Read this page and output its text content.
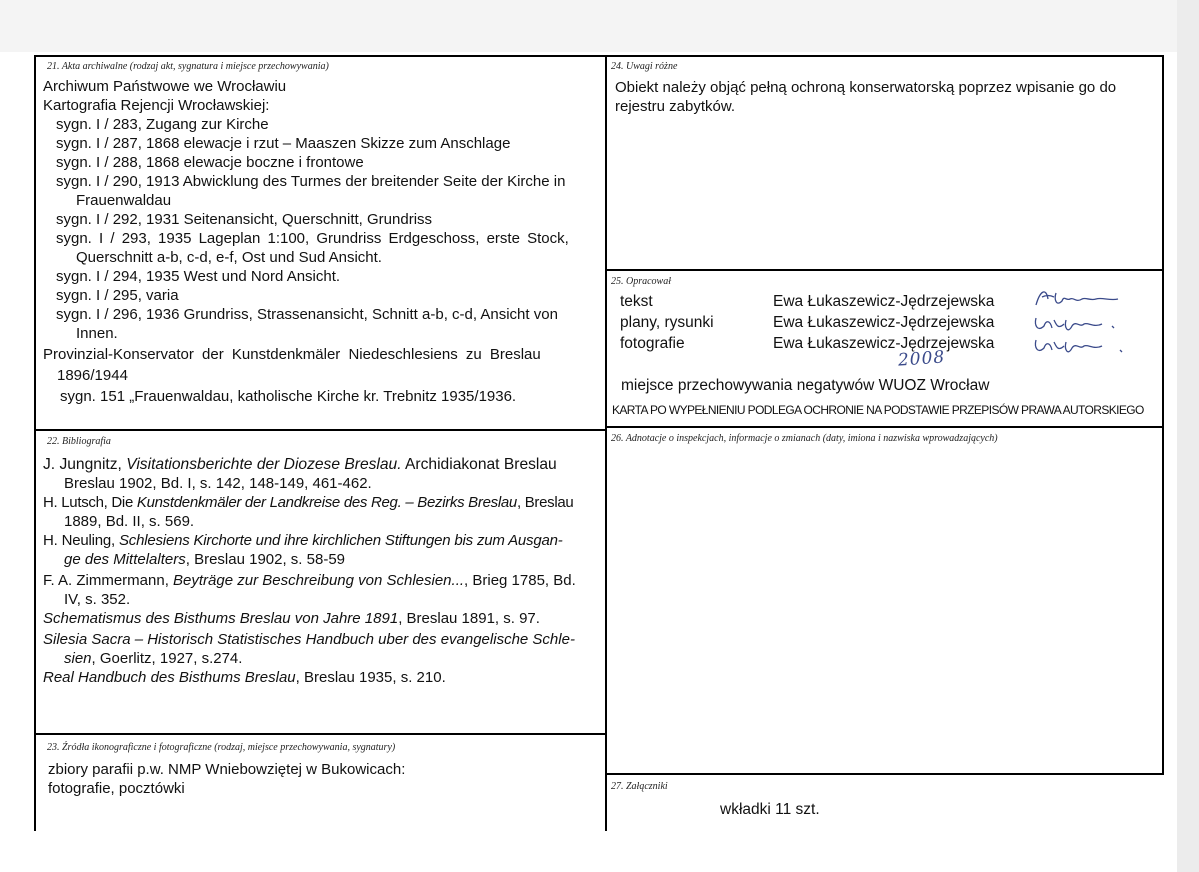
21. Akta archiwalne (rodzaj akt, sygnatura i miejsce przechowywania)
Archiwum Państwowe we Wrocławiu
Kartografia Rejencji Wrocławskiej:
sygn. I / 283, Zugang zur Kirche
sygn. I / 287, 1868 elewacje i rzut – Maaszen Skizze zum Anschlage
sygn. I / 288, 1868 elewacje boczne i frontowe
sygn. I / 290, 1913 Abwicklung des Turmes der breitender Seite der Kirche in
Frauenwaldau
sygn. I / 292, 1931 Seitenansicht, Querschnitt, Grundriss
sygn. I / 293, 1935 Lageplan 1:100, Grundriss Erdgeschoss, erste Stock,
Querschnitt a-b, c-d, e-f, Ost und Sud Ansicht.
sygn. I / 294, 1935 West und Nord Ansicht.
sygn. I / 295, varia
sygn. I / 296, 1936 Grundriss, Strassenansicht, Schnitt a-b, c-d, Ansicht von
Innen.
Provinzial-Konservator der Kunstdenkmäler Niedeschlesiens zu Breslau
1896/1944
sygn. 151 „Frauenwaldau, katholische Kirche kr. Trebnitz 1935/1936.
22. Bibliografia
J. Jungnitz, Visitationsberichte der Diozese Breslau. Archidiakonat Breslau
Breslau 1902, Bd. I, s. 142, 148-149, 461-462.
H. Lutsch, Die Kunstdenkmäler der Landkreise des Reg. – Bezirks Breslau, Breslau
1889, Bd. II, s. 569.
H. Neuling, Schlesiens Kirchorte und ihre kirchlichen Stiftungen bis zum Ausgan-
ge des Mittelalters, Breslau 1902, s. 58-59
F. A. Zimmermann, Beyträge zur Beschreibung von Schlesien..., Brieg 1785, Bd.
IV, s. 352.
Schematismus des Bisthums Breslau von Jahre 1891, Breslau 1891, s. 97.
Silesia Sacra – Historisch Statistisches Handbuch uber des evangelische Schle-
sien, Goerlitz, 1927, s.274.
Real Handbuch des Bisthums Breslau, Breslau 1935, s. 210.
23. Źródła ikonograficzne i fotograficzne (rodzaj, miejsce przechowywania, sygnatury)
zbiory parafii p.w. NMP Wniebowziętej w Bukowicach:
fotografie, pocztówki
24. Uwagi różne
Obiekt należy objąć pełną ochroną konserwatorską poprzez wpisanie go do
rejestru zabytków.
25. Opracował
tekst	Ewa Łukaszewicz-Jędrzejewska
plany, rysunki	Ewa Łukaszewicz-Jędrzejewska
fotografie	Ewa Łukaszewicz-Jędrzejewska
2008
miejsce przechowywania negatywów WUOZ Wrocław
KARTA PO WYPEŁNIENIU PODLEGA OCHRONIE NA PODSTAWIE PRZEPISÓW PRAWA AUTORSKIEGO
26. Adnotacje o inspekcjach, informacje o zmianach (daty, imiona i nazwiska wprowadzających)
27. Załączniki
wkładki 11 szt.
